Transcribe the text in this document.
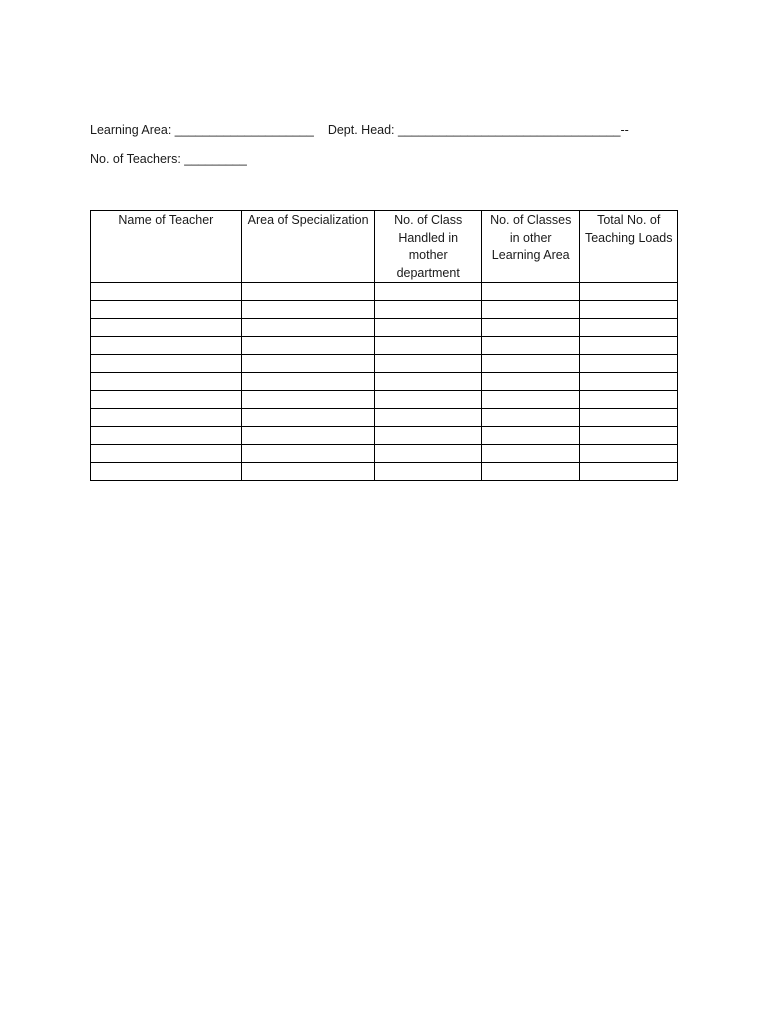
Learning Area: ____________________ Dept. Head: ________________________________--
No. of Teachers: _________
Name of Teacher	Area of Specialization	No. of Class Handled in mother department	No. of Classes in other Learning Area	Total No. of Teaching Loads
